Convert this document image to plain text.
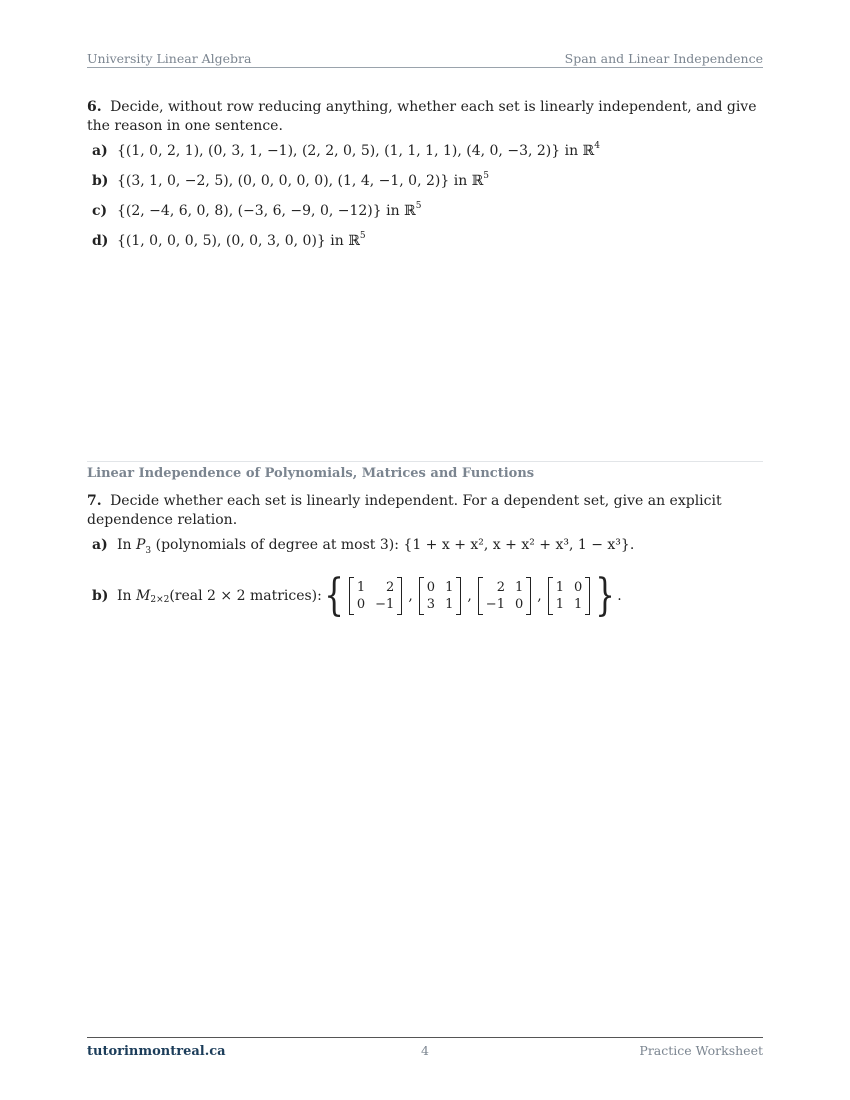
University Linear Algebra	Span and Linear Independence
6. Decide, without row reducing anything, whether each set is linearly independent, and give the reason in one sentence.
a) {(1, 0, 2, 1), (0, 3, 1, −1), (2, 2, 0, 5), (1, 1, 1, 1), (4, 0, −3, 2)} in ℝ$^4$
b) {(3, 1, 0, −2, 5), (0, 0, 0, 0, 0), (1, 4, −1, 0, 2)} in ℝ$^5$
c) {(2, −4, 6, 0, 8), (−3, 6, −9, 0, −12)} in ℝ$^5$
d) {(1, 0, 0, 0, 5), (0, 0, 3, 0, 0)} in ℝ$^5$
Linear Independence of Polynomials, Matrices and Functions
7. Decide whether each set is linearly independent. For a dependent set, give an explicit dependence relation.
a) In $P_3$ (polynomials of degree at most 3): {1 + x + x², x + x² + x³, 1 − x³}.
b) In
$M_{2\times 2}$ (real 2 × 2 matrices): { 1	2
0 −1
, 0 1
3 1
,	2 1
−1 0
, 1 0
1 1 } .
tutorinmontreal.ca	4	Practice Worksheet
